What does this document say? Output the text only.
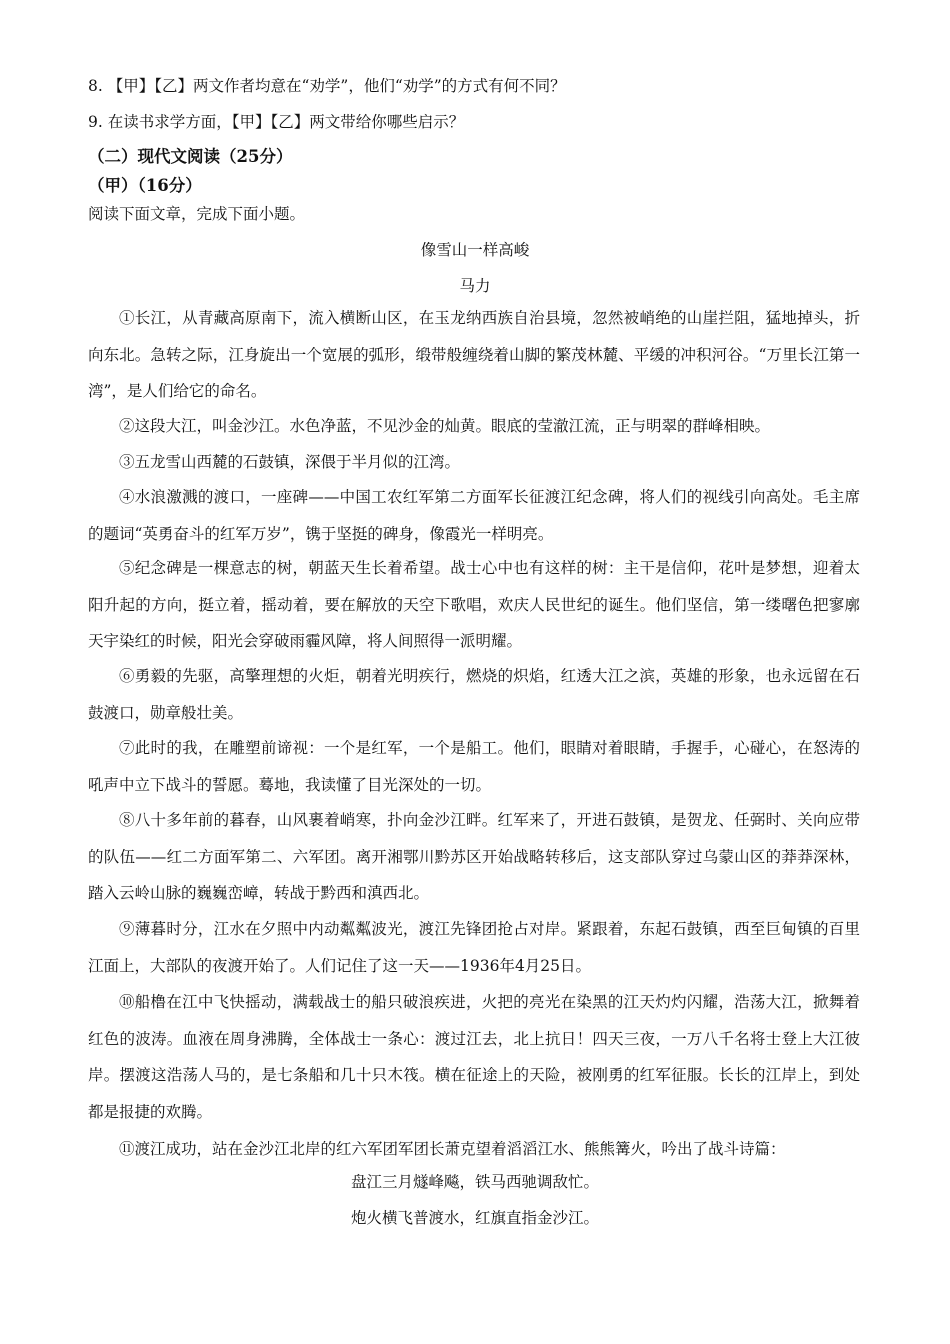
8. 【甲】【乙】两文作者均意在“劝学”，他们“劝学”的方式有何不同？
9. 在读书求学方面，【甲】【乙】两文带给你哪些启示？
（二）现代文阅读（25分）
（甲）（16分）
阅读下面文章，完成下面小题。
像雪山一样高峻
马力
①长江，从青藏高原南下，流入横断山区，在玉龙纳西族自治县境，忽然被峭绝的山崖拦阻，猛地掉头，折向东北。急转之际，江身旋出一个宽展的弧形，缎带般缠绕着山脚的繁茂林麓、平缓的冲积河谷。“万里长江第一湾”，是人们给它的命名。
②这段大江，叫金沙江。水色净蓝，不见沙金的灿黄。眼底的莹澈江流，正与明翠的群峰相映。
③五龙雪山西麓的石鼓镇，深偎于半月似的江湾。
④水浪激溅的渡口，一座碑——中国工农红军第二方面军长征渡江纪念碑，将人们的视线引向高处。毛主席的题词“英勇奋斗的红军万岁”，镌于坚挺的碑身，像霞光一样明亮。
⑤纪念碑是一棵意志的树，朝蓝天生长着希望。战士心中也有这样的树：主干是信仰，花叶是梦想，迎着太阳升起的方向，挺立着，摇动着，要在解放的天空下歌唱，欢庆人民世纪的诞生。他们坚信，第一缕曙色把寥廓天宇染红的时候，阳光会穿破雨霾风障，将人间照得一派明耀。
⑥勇毅的先驱，高擎理想的火炬，朝着光明疾行，燃烧的炽焰，红透大江之滨，英雄的形象，也永远留在石鼓渡口，勋章般壮美。
⑦此时的我，在雕塑前谛视：一个是红军，一个是船工。他们，眼睛对着眼睛，手握手，心碰心，在怒涛的吼声中立下战斗的誓愿。蓦地，我读懂了目光深处的一切。
⑧八十多年前的暮春，山风裹着峭寒，扑向金沙江畔。红军来了，开进石鼓镇，是贺龙、任弼时、关向应带的队伍——红二方面军第二、六军团。离开湘鄂川黔苏区开始战略转移后，这支部队穿过乌蒙山区的莽莽深林，踏入云岭山脉的巍巍峦嶂，转战于黔西和滇西北。
⑨薄暮时分，江水在夕照中内动粼粼波光，渡江先锋团抢占对岸。紧跟着，东起石鼓镇，西至巨甸镇的百里江面上，大部队的夜渡开始了。人们记住了这一天——1936年4月25日。
⑩船橹在江中飞快摇动，满载战士的船只破浪疾进，火把的亮光在染黑的江天灼灼闪耀，浩荡大江，掀舞着红色的波涛。血液在周身沸腾，全体战士一条心：渡过江去，北上抗日！四天三夜，一万八千名将士登上大江彼岸。摆渡这浩荡人马的，是七条船和几十只木筏。横在征途上的天险，被刚勇的红军征服。长长的江岸上，到处都是报捷的欢腾。
⑪渡江成功，站在金沙江北岸的红六军团军团长萧克望着滔滔江水、熊熊篝火，吟出了战斗诗篇：
盘江三月燧峰飚，铁马西驰调敌忙。
炮火横飞普渡水，红旗直指金沙江。
